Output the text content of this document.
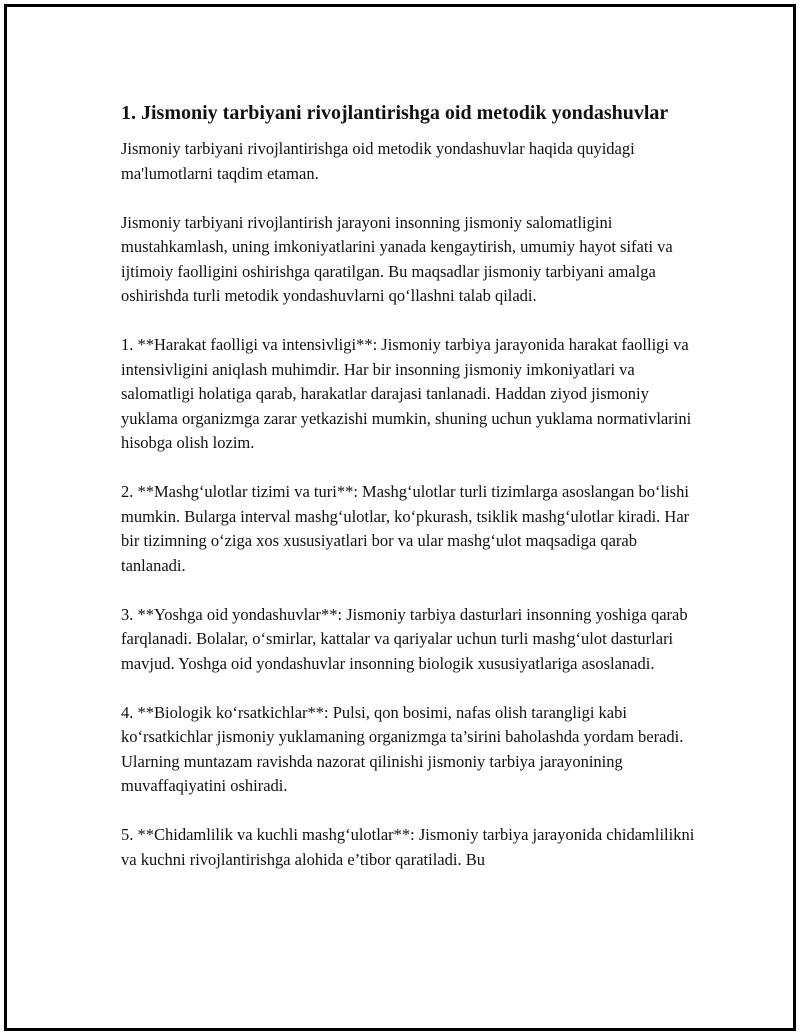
1. Jismoniy tarbiyani rivojlantirishga oid metodik yondashuvlar

Jismoniy tarbiyani rivojlantirishga oid metodik yondashuvlar haqida quyidagi ma'lumotlarni taqdim etaman.

Jismoniy tarbiyani rivojlantirish jarayoni insonning jismoniy salomatligini mustahkamlash, uning imkoniyatlarini yanada kengaytirish, umumiy hayot sifati va ijtimoiy faolligini oshirishga qaratilgan. Bu maqsadlar jismoniy tarbiyani amalga oshirishda turli metodik yondashuvlarni qo‘llashni talab qiladi.

1. **Harakat faolligi va intensivligi**: Jismoniy tarbiya jarayonida harakat faolligi va intensivligini aniqlash muhimdir. Har bir insonning jismoniy imkoniyatlari va salomatligi holatiga qarab, harakatlar darajasi tanlanadi. Haddan ziyod jismoniy yuklama organizmga zarar yetkazishi mumkin, shuning uchun yuklama normativlarini hisobga olish lozim.

2. **Mashg‘ulotlar tizimi va turi**: Mashg‘ulotlar turli tizimlarga asoslangan bo‘lishi mumkin. Bularga interval mashg‘ulotlar, ko‘pkurash, tsiklik mashg‘ulotlar kiradi. Har bir tizimning o‘ziga xos xususiyatlari bor va ular mashg‘ulot maqsadiga qarab tanlanadi.

3. **Yoshga oid yondashuvlar**: Jismoniy tarbiya dasturlari insonning yoshiga qarab farqlanadi. Bolalar, o‘smirlar, kattalar va qariyalar uchun turli mashg‘ulot dasturlari mavjud. Yoshga oid yondashuvlar insonning biologik xususiyatlariga asoslanadi.

4. **Biologik ko‘rsatkichlar**: Pulsi, qon bosimi, nafas olish tarangligi kabi ko‘rsatkichlar jismoniy yuklamaning organizmga ta’sirini baholashda yordam beradi. Ularning muntazam ravishda nazorat qilinishi jismoniy tarbiya jarayonining muvaffaqiyatini oshiradi.

5. **Chidamlilik va kuchli mashg‘ulotlar**: Jismoniy tarbiya jarayonida chidamlilikni va kuchni rivojlantirishga alohida e’tibor qaratiladi. Bu
